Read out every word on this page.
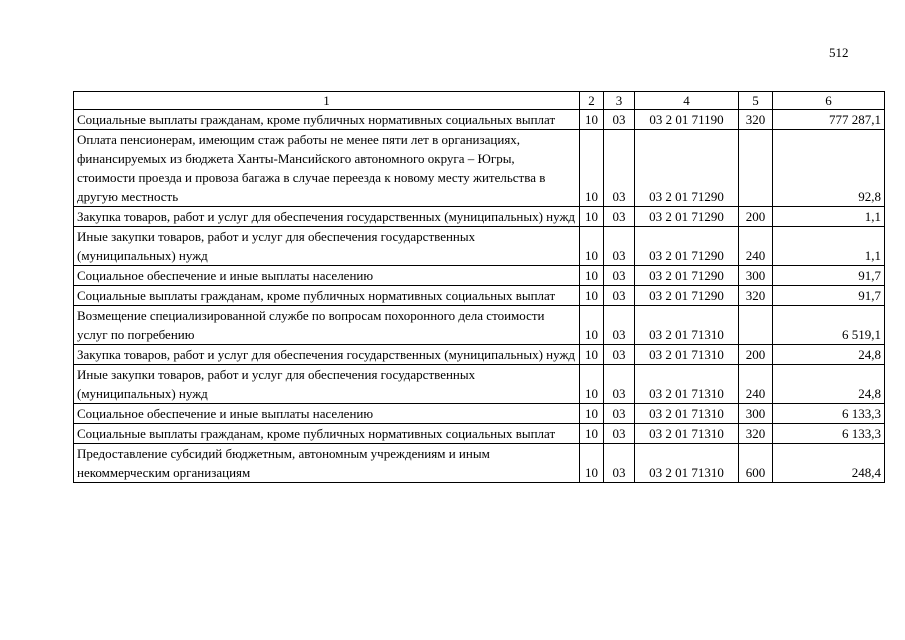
512
1	2	3	4	5	6
Социальные выплаты гражданам, кроме публичных нормативных социальных выплат	10	03	03 2 01 71190	320	777 287,1
Оплата пенсионерам, имеющим стаж работы не менее пяти лет в организациях, финансируемых из бюджета Ханты-Мансийского автономного округа – Югры, стоимости проезда и провоза багажа в случае переезда к новому месту жительства в другую местность	10	03	03 2 01 71290		92,8
Закупка товаров, работ и услуг для обеспечения государственных (муниципальных) нужд	10	03	03 2 01 71290	200	1,1
Иные закупки товаров, работ и услуг для обеспечения государственных (муниципальных) нужд	10	03	03 2 01 71290	240	1,1
Социальное обеспечение и иные выплаты населению	10	03	03 2 01 71290	300	91,7
Социальные выплаты гражданам, кроме публичных нормативных социальных выплат	10	03	03 2 01 71290	320	91,7
Возмещение специализированной службе по вопросам похоронного дела стоимости услуг по погребению	10	03	03 2 01 71310		6 519,1
Закупка товаров, работ и услуг для обеспечения государственных (муниципальных) нужд	10	03	03 2 01 71310	200	24,8
Иные закупки товаров, работ и услуг для обеспечения государственных (муниципальных) нужд	10	03	03 2 01 71310	240	24,8
Социальное обеспечение и иные выплаты населению	10	03	03 2 01 71310	300	6 133,3
Социальные выплаты гражданам, кроме публичных нормативных социальных выплат	10	03	03 2 01 71310	320	6 133,3
Предоставление субсидий бюджетным, автономным учреждениям и иным некоммерческим организациям	10	03	03 2 01 71310	600	248,4
